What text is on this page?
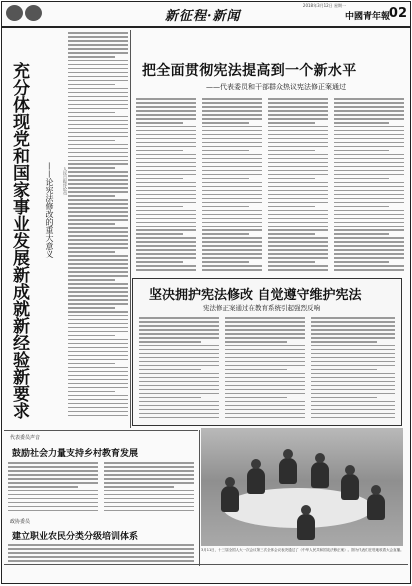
新征程·新闻
2018年3月12日 星期一
中國青年報
02
充分体现党和国家事业发展新成就新经验新要求	——论宪法修改的重大意义 人民日报评论员
把全面贯彻宪法提高到一个新水平
——代表委员和干部群众热议宪法修正案通过
坚决拥护宪法修改 自觉遵守维护宪法
宪法修正案通过在教育系统引起强烈反响
代表委员声音
鼓励社会力量支持乡村教育发展
政协委员
建立职业农民分类分级培训体系
3月11日，十三届全国人大一次会议第三次全体会议表决通过了《中华人民共和国宪法修正案》。图为代表们在驻地收看大会直播。
